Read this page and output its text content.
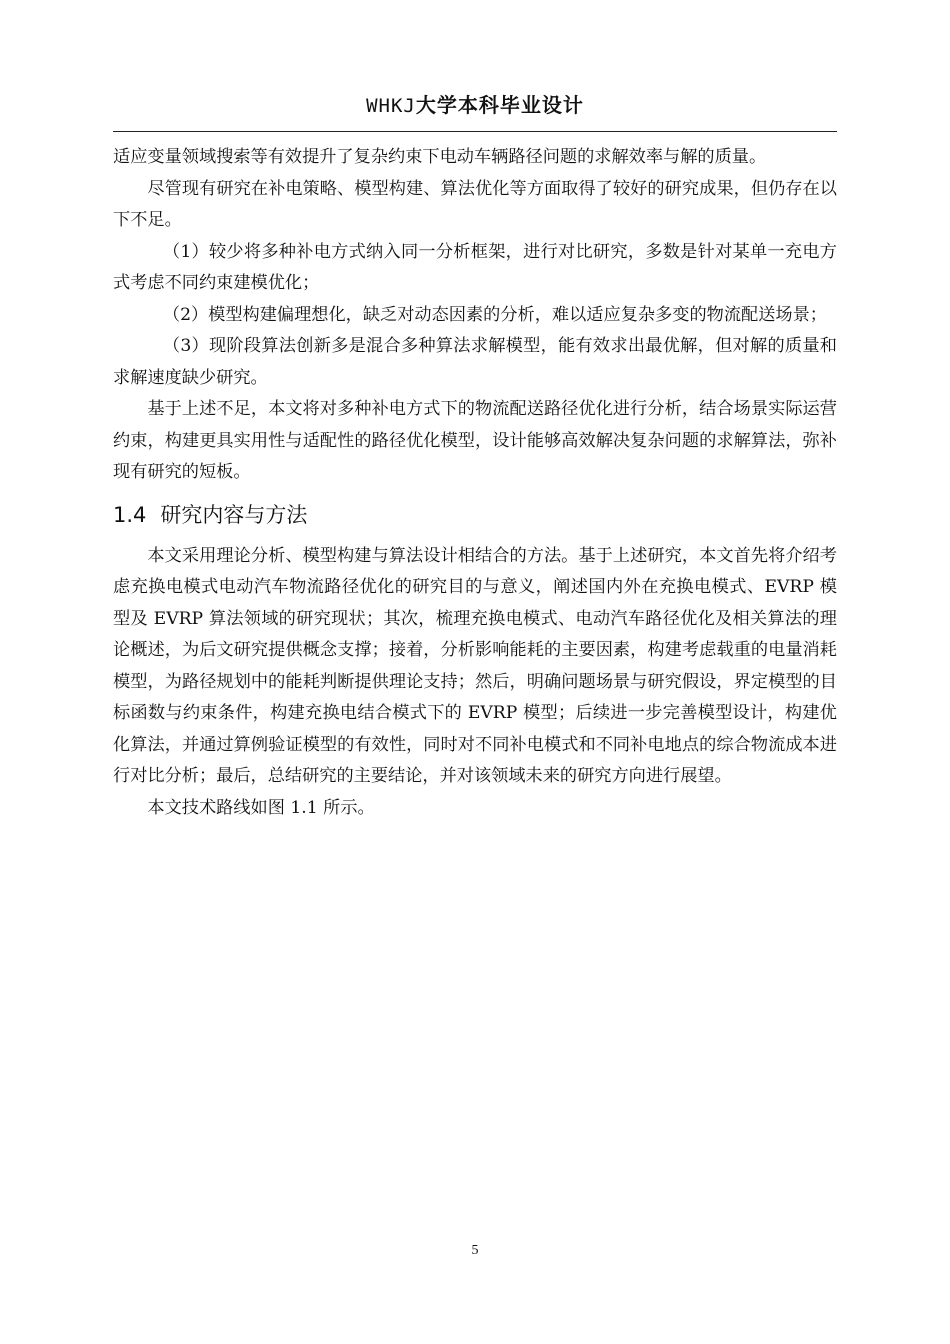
WHKJ大学本科毕业设计

适应变量领域搜索等有效提升了复杂约束下电动车辆路径问题的求解效率与解的质量。

尽管现有研究在补电策略、模型构建、算法优化等方面取得了较好的研究成果，但仍存在以下不足。

（1）较少将多种补电方式纳入同一分析框架，进行对比研究，多数是针对某单一充电方式考虑不同约束建模优化；

（2）模型构建偏理想化，缺乏对动态因素的分析，难以适应复杂多变的物流配送场景；

（3）现阶段算法创新多是混合多种算法求解模型，能有效求出最优解，但对解的质量和求解速度缺少研究。

基于上述不足，本文将对多种补电方式下的物流配送路径优化进行分析，结合场景实际运营约束，构建更具实用性与适配性的路径优化模型，设计能够高效解决复杂问题的求解算法，弥补现有研究的短板。

1.4 研究内容与方法

本文采用理论分析、模型构建与算法设计相结合的方法。基于上述研究，本文首先将介绍考虑充换电模式电动汽车物流路径优化的研究目的与意义，阐述国内外在充换电模式、EVRP 模型及 EVRP 算法领域的研究现状；其次，梳理充换电模式、电动汽车路径优化及相关算法的理论概述，为后文研究提供概念支撑；接着，分析影响能耗的主要因素，构建考虑载重的电量消耗模型，为路径规划中的能耗判断提供理论支持；然后，明确问题场景与研究假设，界定模型的目标函数与约束条件，构建充换电结合模式下的 EVRP 模型；后续进一步完善模型设计，构建优化算法，并通过算例验证模型的有效性，同时对不同补电模式和不同补电地点的综合物流成本进行对比分析；最后，总结研究的主要结论，并对该领域未来的研究方向进行展望。

本文技术路线如图 1.1 所示。

5
